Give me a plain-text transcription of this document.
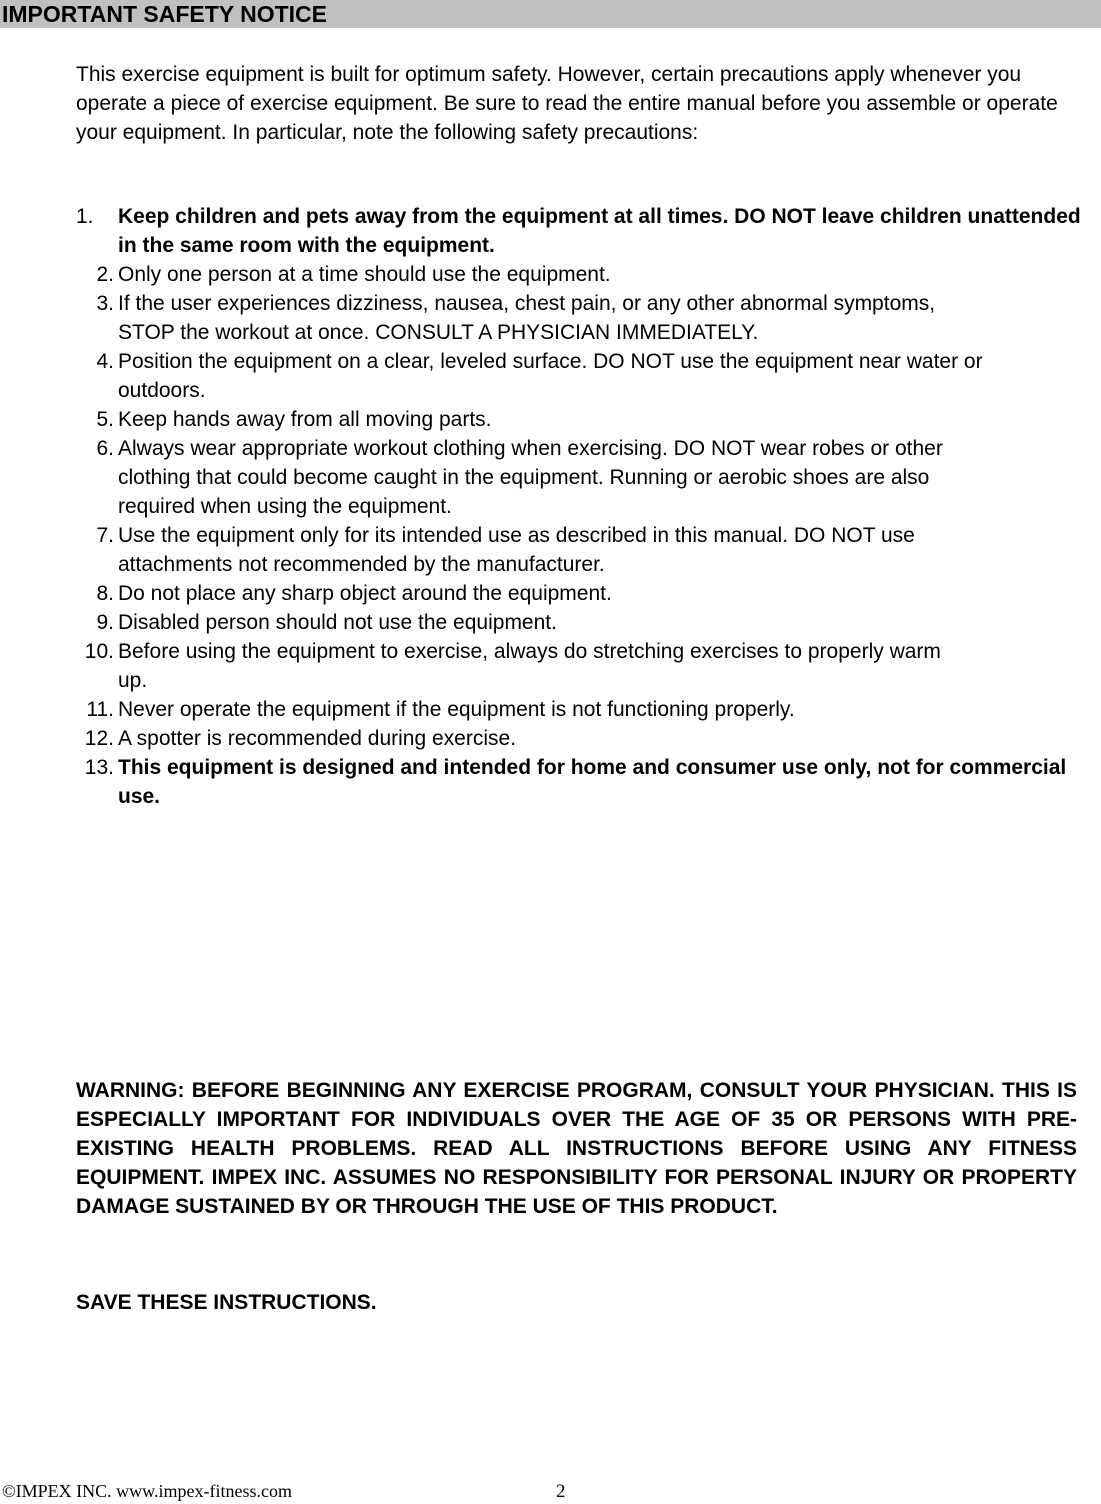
IMPORTANT SAFETY NOTICE

This exercise equipment is built for optimum safety. However, certain precautions apply whenever you operate a piece of exercise equipment. Be sure to read the entire manual before you assemble or operate your equipment. In particular, note the following safety precautions:

1.	Keep children and pets away from the equipment at all times. DO NOT leave children unattended in the same room with the equipment.
2. Only one person at a time should use the equipment.
3. If the user experiences dizziness, nausea, chest pain, or any other abnormal symptoms, STOP the workout at once. CONSULT A PHYSICIAN IMMEDIATELY.
4. Position the equipment on a clear, leveled surface. DO NOT use the equipment near water or outdoors.
5. Keep hands away from all moving parts.
6. Always wear appropriate workout clothing when exercising. DO NOT wear robes or other clothing that could become caught in the equipment. Running or aerobic shoes are also required when using the equipment.
7. Use the equipment only for its intended use as described in this manual. DO NOT use attachments not recommended by the manufacturer.
8. Do not place any sharp object around the equipment.
9. Disabled person should not use the equipment.
10. Before using the equipment to exercise, always do stretching exercises to properly warm up.
11. Never operate the equipment if the equipment is not functioning properly.
12. A spotter is recommended during exercise.
13. This equipment is designed and intended for home and consumer use only, not for commercial use.

WARNING: BEFORE BEGINNING ANY EXERCISE PROGRAM, CONSULT YOUR PHYSICIAN. THIS IS ESPECIALLY IMPORTANT FOR INDIVIDUALS OVER THE AGE OF 35 OR PERSONS WITH PRE-EXISTING HEALTH PROBLEMS. READ ALL INSTRUCTIONS BEFORE USING ANY FITNESS EQUIPMENT. IMPEX INC. ASSUMES NO RESPONSIBILITY FOR PERSONAL INJURY OR PROPERTY DAMAGE SUSTAINED BY OR THROUGH THE USE OF THIS PRODUCT.

SAVE THESE INSTRUCTIONS.

©IMPEX INC. www.impex-fitness.com	2
